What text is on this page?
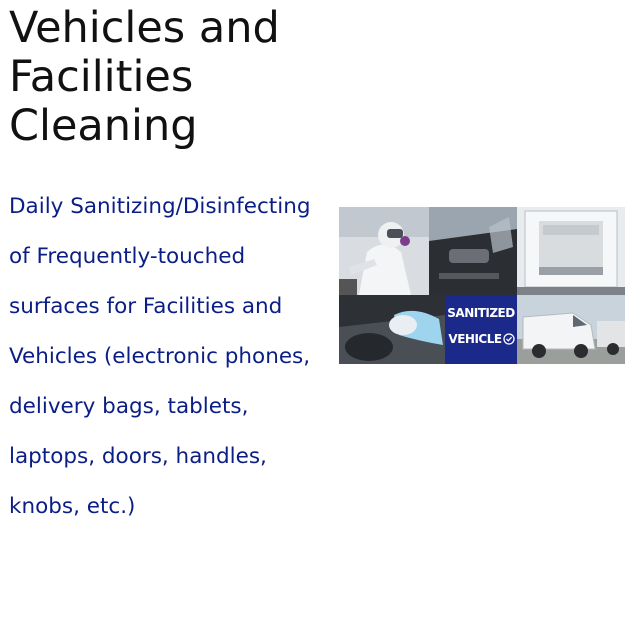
Vehicles and Facilities Cleaning

Daily Sanitizing/Disinfecting of Frequently-touched surfaces for Facilities and Vehicles (electronic phones, delivery bags, tablets, laptops, doors, handles, knobs, etc.)

SANITIZED
VEHICLE
